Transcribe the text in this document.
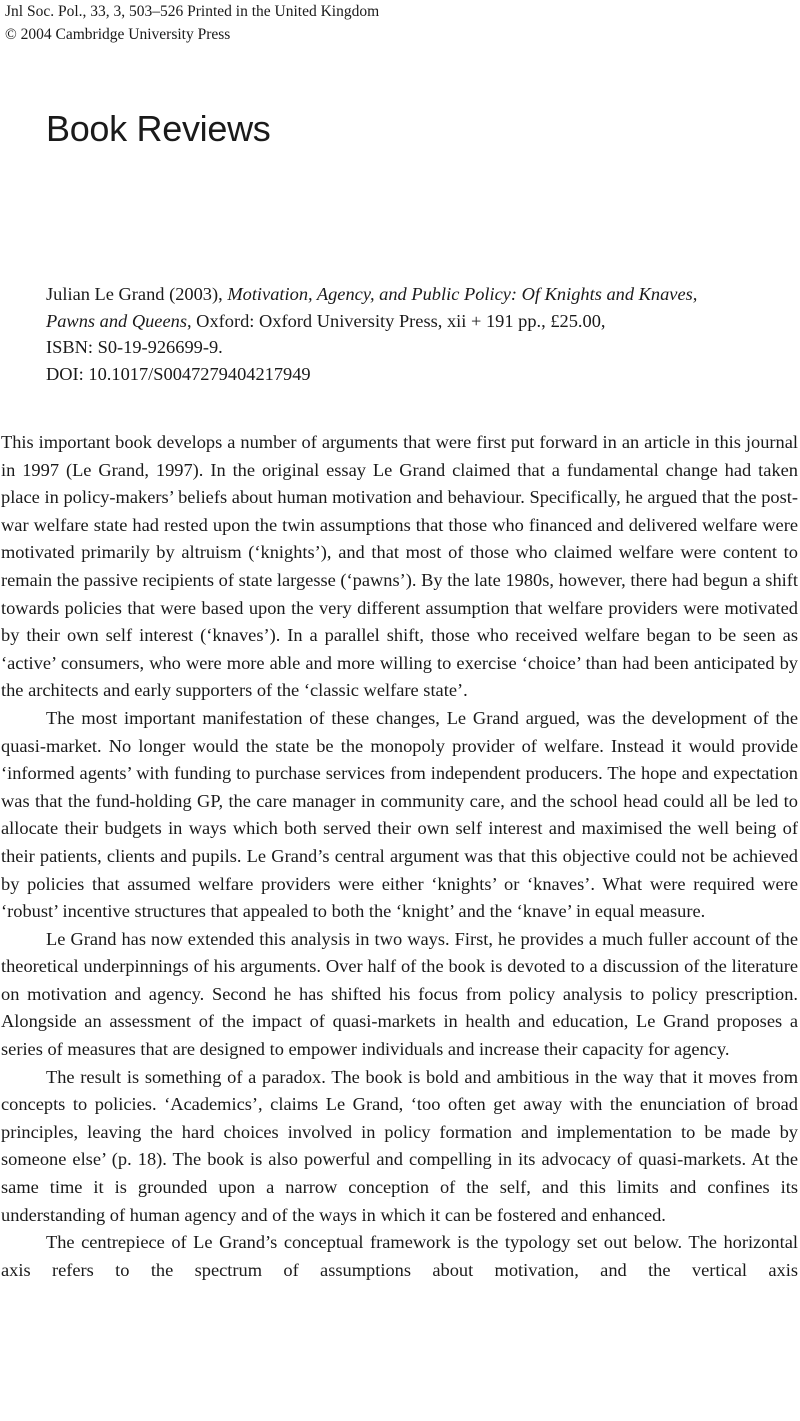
Jnl Soc. Pol., 33, 3, 503–526 Printed in the United Kingdom
© 2004 Cambridge University Press
Book Reviews
Julian Le Grand (2003), Motivation, Agency, and Public Policy: Of Knights and Knaves,
Pawns and Queens, Oxford: Oxford University Press, xii + 191 pp., £25.00,
ISBN: S0-19-926699-9.
DOI: 10.1017/S0047279404217949

This important book develops a number of arguments that were first put forward in an article in this journal in 1997 (Le Grand, 1997). In the original essay Le Grand claimed that a fundamental change had taken place in policy-makers’ beliefs about human motivation and behaviour. Specifically, he argued that the post-war welfare state had rested upon the twin assumptions that those who financed and delivered welfare were motivated primarily by altruism (‘knights’), and that most of those who claimed welfare were content to remain the passive recipients of state largesse (‘pawns’). By the late 1980s, however, there had begun a shift towards policies that were based upon the very different assumption that welfare providers were motivated by their own self interest (‘knaves’). In a parallel shift, those who received welfare began to be seen as ‘active’ consumers, who were more able and more willing to exercise ‘choice’ than had been anticipated by the architects and early supporters of the ‘classic welfare state’.

The most important manifestation of these changes, Le Grand argued, was the development of the quasi-market. No longer would the state be the monopoly provider of welfare. Instead it would provide ‘informed agents’ with funding to purchase services from independent producers. The hope and expectation was that the fund-holding GP, the care manager in community care, and the school head could all be led to allocate their budgets in ways which both served their own self interest and maximised the well being of their patients, clients and pupils. Le Grand’s central argument was that this objective could not be achieved by policies that assumed welfare providers were either ‘knights’ or ‘knaves’. What were required were ‘robust’ incentive structures that appealed to both the ‘knight’ and the ‘knave’ in equal measure.

Le Grand has now extended this analysis in two ways. First, he provides a much fuller account of the theoretical underpinnings of his arguments. Over half of the book is devoted to a discussion of the literature on motivation and agency. Second he has shifted his focus from policy analysis to policy prescription. Alongside an assessment of the impact of quasi-markets in health and education, Le Grand proposes a series of measures that are designed to empower individuals and increase their capacity for agency.

The result is something of a paradox. The book is bold and ambitious in the way that it moves from concepts to policies. ‘Academics’, claims Le Grand, ‘too often get away with the enunciation of broad principles, leaving the hard choices involved in policy formation and implementation to be made by someone else’ (p. 18). The book is also powerful and compelling in its advocacy of quasi-markets. At the same time it is grounded upon a narrow conception of the self, and this limits and confines its understanding of human agency and of the ways in which it can be fostered and enhanced.

The centrepiece of Le Grand’s conceptual framework is the typology set out below. The horizontal axis refers to the spectrum of assumptions about motivation, and the vertical axis
